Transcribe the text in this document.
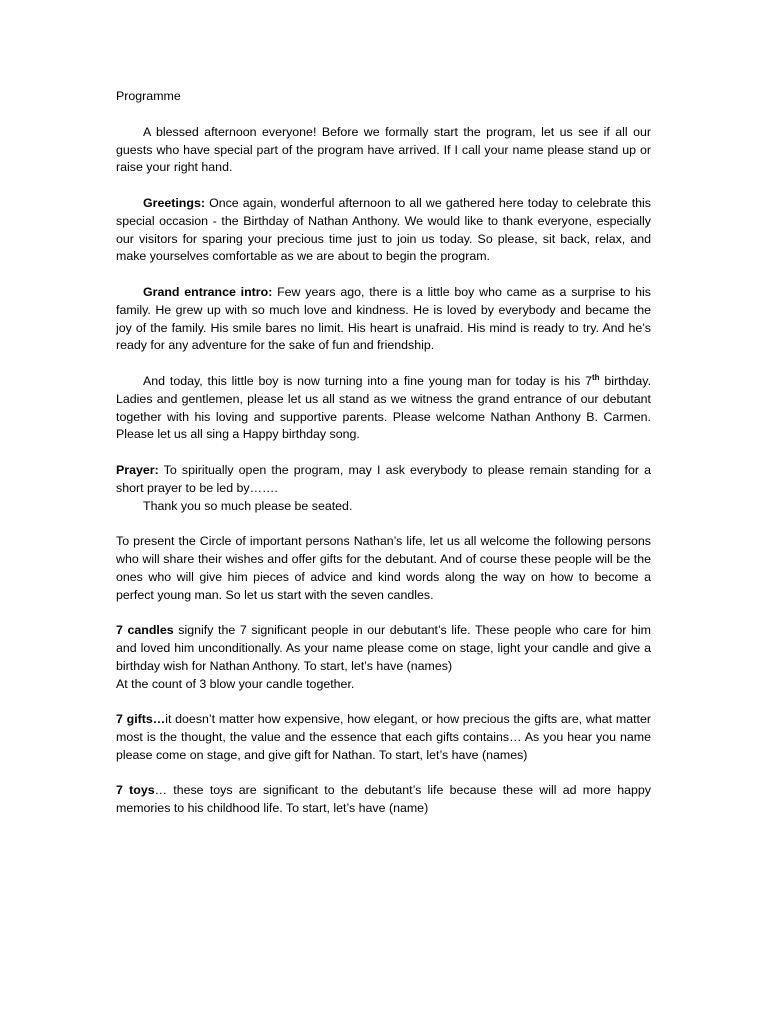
Programme

A blessed afternoon everyone! Before we formally start the program, let us see if all our guests who have special part of the program have arrived. If I call your name please stand up or raise your right hand.

Greetings: Once again, wonderful afternoon to all we gathered here today to celebrate this special occasion - the Birthday of Nathan Anthony. We would like to thank everyone, especially our visitors for sparing your precious time just to join us today. So please, sit back, relax, and make yourselves comfortable as we are about to begin the program.

Grand entrance intro: Few years ago, there is a little boy who came as a surprise to his family. He grew up with so much love and kindness. He is loved by everybody and became the joy of the family. His smile bares no limit. His heart is unafraid. His mind is ready to try. And he’s ready for any adventure for the sake of fun and friendship.

And today, this little boy is now turning into a fine young man for today is his 7th birthday. Ladies and gentlemen, please let us all stand as we witness the grand entrance of our debutant together with his loving and supportive parents. Please welcome Nathan Anthony B. Carmen. Please let us all sing a Happy birthday song.

Prayer: To spiritually open the program, may I ask everybody to please remain standing for a short prayer to be led by…….

Thank you so much please be seated.

To present the Circle of important persons Nathan’s life, let us all welcome the following persons who will share their wishes and offer gifts for the debutant. And of course these people will be the ones who will give him pieces of advice and kind words along the way on how to become a perfect young man. So let us start with the seven candles.

7 candles signify the 7 significant people in our debutant’s life. These people who care for him and loved him unconditionally. As your name please come on stage, light your candle and give a birthday wish for Nathan Anthony. To start, let’s have (names)

At the count of 3 blow your candle together.

7 gifts…it doesn’t matter how expensive, how elegant, or how precious the gifts are, what matter most is the thought, the value and the essence that each gifts contains… As you hear you name please come on stage, and give gift for Nathan. To start, let’s have (names)

7 toys… these toys are significant to the debutant’s life because these will ad more happy memories to his childhood life. To start, let’s have (name)
